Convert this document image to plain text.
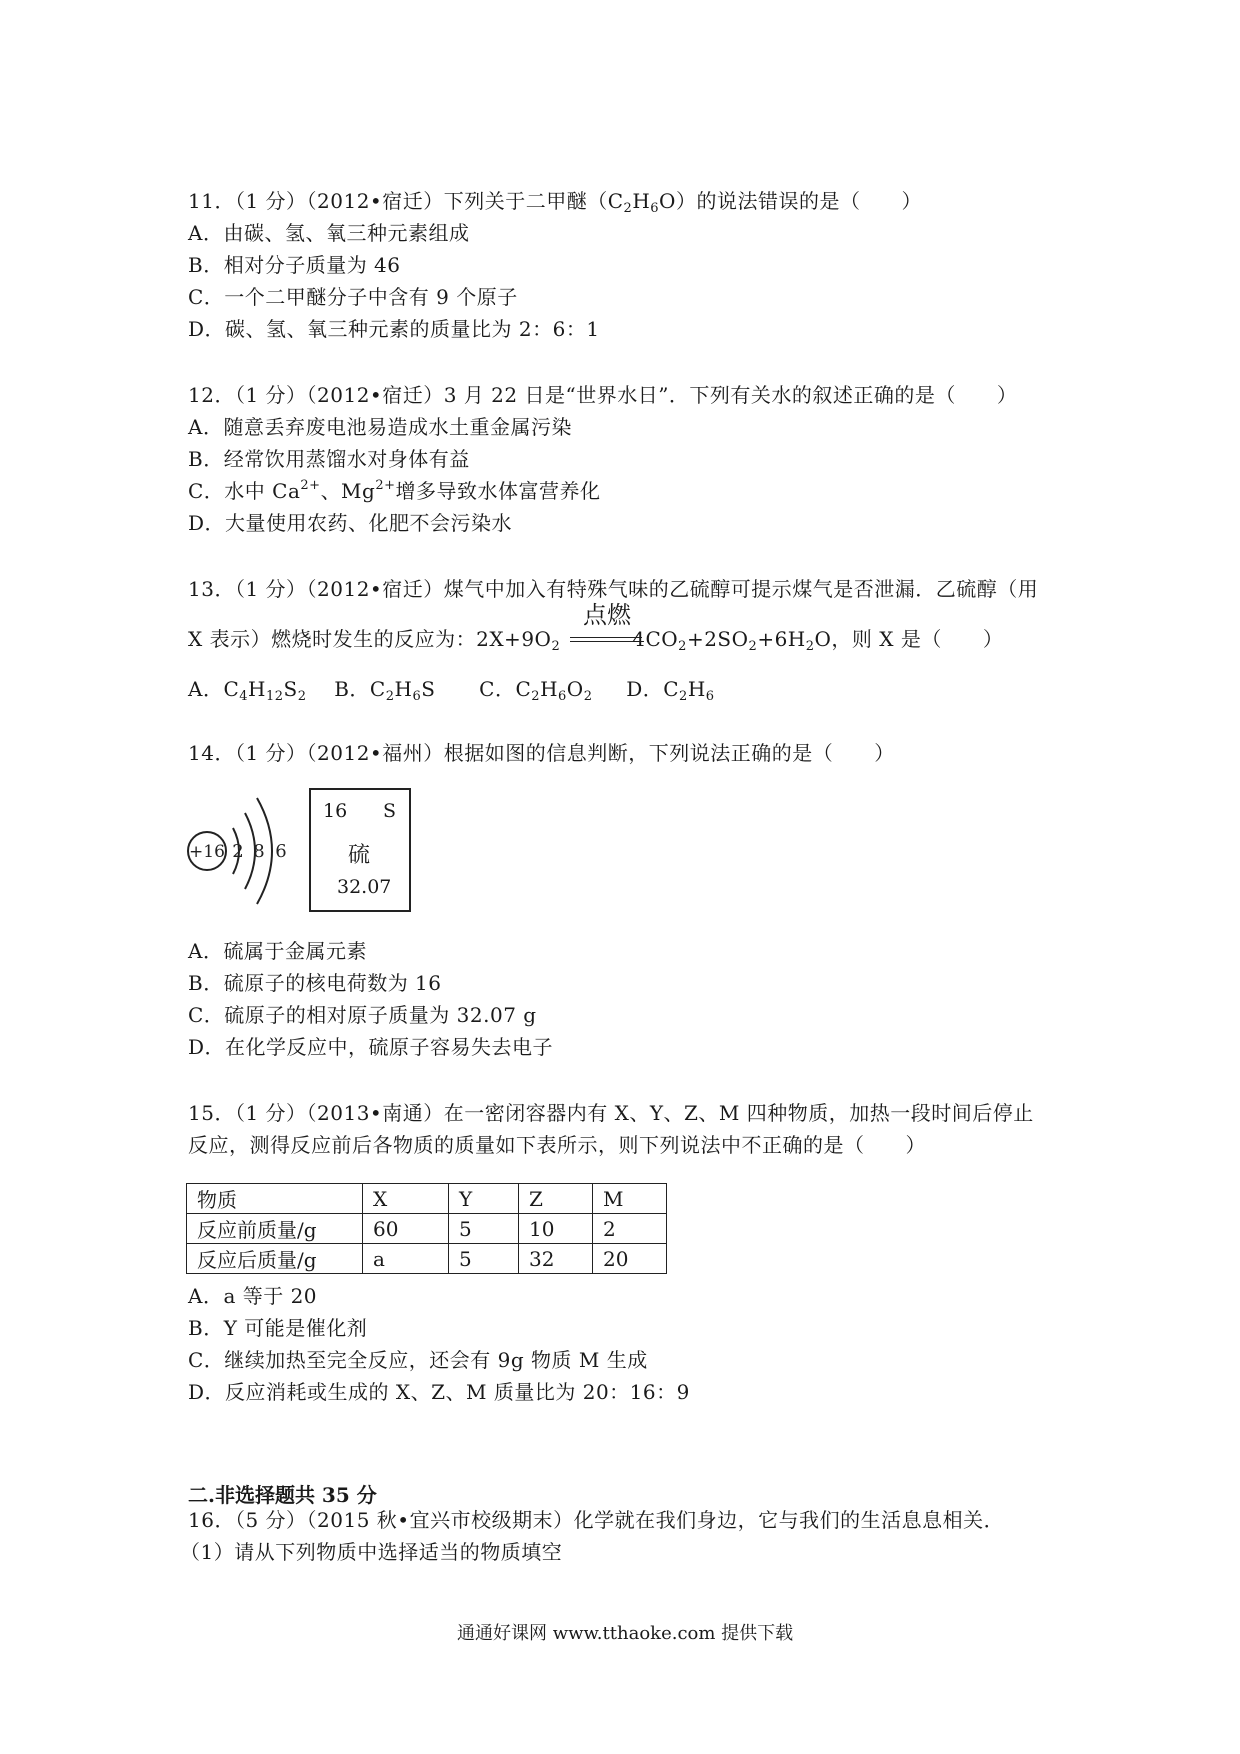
11．（1 分）（2012•宿迁）下列关于二甲醚$(C_2H_6O)$的说法错误的是（　　）
A．由碳、氢、氧三种元素组成
B．相对分子质量为 46
C．一个二甲醚分子中含有 9 个原子
D．碳、氢、氧三种元素的质量比为 2：6：1
12．（1 分）（2012•宿迁）3 月 22 日是“世界水日”．下列有关水的叙述正确的是（　　）
A．随意丢弃废电池易造成水土重金属污染
B．经常饮用蒸馏水对身体有益
C．水中 $Ca^{2+}$、$Mg^{2+}$增多导致水体富营养化
D．大量使用农药、化肥不会污染水
13．（1 分）（2012•宿迁）煤气中加入有特殊气味的乙硫醇可提示煤气是否泄漏．乙硫醇（用
点燃
X 表示）燃烧时发生的反应为：$2X+9O_2$	$4CO_2+2SO_2+6H_2O$，则 X 是（　　）
A．$C_4H_{12}S_2$ B．$C_2H_6S$ C．$C_2H_6O_2$ D．$C_2H_6$
14．（1 分）（2012•福州）根据如图的信息判断，下列说法正确的是（　　）
+16 2 8 6
16 S
硫
32.07
A．硫属于金属元素
B．硫原子的核电荷数为 16
C．硫原子的相对原子质量为 32.07 g
D．在化学反应中，硫原子容易失去电子
15．（1 分）（2013•南通）在一密闭容器内有 X、Y、Z、M 四种物质，加热一段时间后停止
反应，测得反应前后各物质的质量如下表所示，则下列说法中不正确的是（　　）
物质	X	Y	Z	M
反应前质量/g	60	5	10	2
反应后质量/g	a	5	32	20
A．a 等于 20
B．Y 可能是催化剂
C．继续加热至完全反应，还会有 9g 物质 M 生成
D．反应消耗或生成的 X、Z、M 质量比为 20：16：9
二.非选择题共 35 分
16．（5 分）（2015 秋•宜兴市校级期末）化学就在我们身边，它与我们的生活息息相关．
（1）请从下列物质中选择适当的物质填空
通通好课网 www.tthaoke.com 提供下载
